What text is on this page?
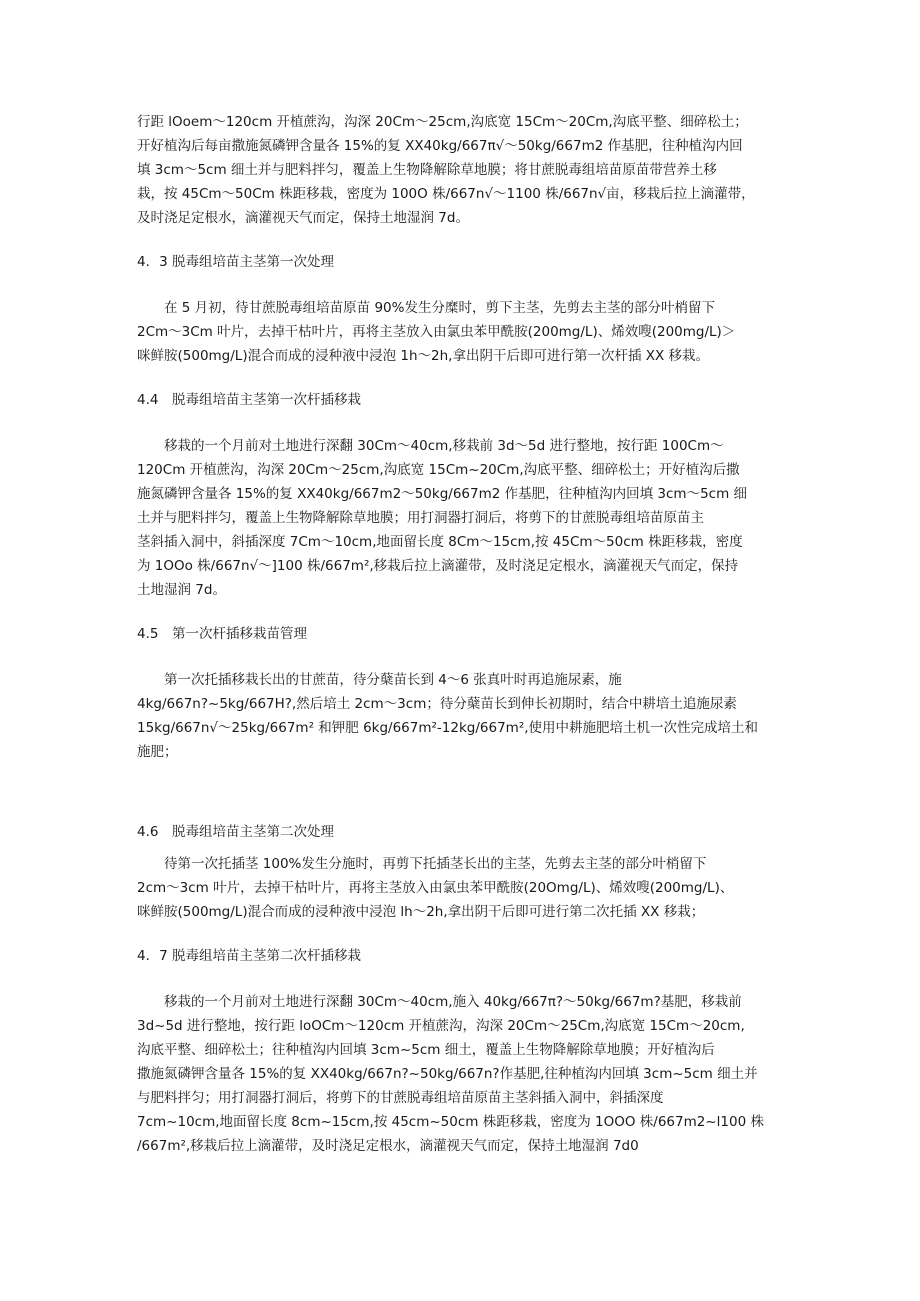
行距 lOoem～120cm 开植蔗沟，沟深 20Cm～25cm,沟底宽 15Cm～20Cm,沟底平整、细碎松土；
开好植沟后每亩撒施氮磷钾含量各 15%的复 XX40kg∕667π√～50kg∕667m2 作基肥，往种植沟内回
填 3cm～5cm 细土并与肥料拌匀，覆盖上生物降解除草地膜；将甘蔗脱毒组培苗原苗带营养土移
栽，按 45Cm～50Cm 株距移栽，密度为 100O 株/667n√～1100 株/667n√亩，移栽后拉上滴灌带，
及时浇足定根水，滴灌视天气而定，保持土地湿润 7d。
4．3 脱毒组培苗主茎第一次处理
在 5 月初，待甘蔗脱毒组培苗原苗 90%发生分糜时，剪下主茎，先剪去主茎的部分叶梢留下
2Cm～3Cm 叶片，去掉干枯叶片，再将主茎放入由氯虫苯甲酰胺(200mg∕L)、烯效嗖(200mg∕L)＞
咪鲜胺(500mg∕L)混合而成的浸种液中浸泡 1h～2h,拿出阴干后即可进行第一次杆插 XX 移栽。
4.4　脱毒组培苗主茎第一次杆插移栽
移栽的一个月前对土地进行深翻 30Cm～40cm,移栽前 3d～5d 进行整地，按行距 100Cm～
120Cm 开植蔗沟，沟深 20Cm～25cm,沟底宽 15Cm~20Cm,沟底平整、细碎松土；开好植沟后撒
施氮磷钾含量各 15%的复 XX40kg∕667m2～50kg∕667m2 作基肥，往种植沟内回填 3cm～5cm 细
土并与肥料拌匀，覆盖上生物降解除草地膜；用打洞器打洞后，将剪下的甘蔗脱毒组培苗原苗主
茎斜插入洞中，斜插深度 7Cm～10cm,地面留长度 8Cm～15cm,按 45Cm～50cm 株距移栽，密度
为 1OOo 株/667n√～]100 株/667m²,移栽后拉上滴灌带，及时浇足定根水，滴灌视天气而定，保持
土地湿润 7d。
4.5　第一次杆插移栽苗管理
第一次托插移栽长出的甘蔗苗，待分蘖苗长到 4～6 张真叶时再追施尿素，施
4kg∕667n?~5kg/667H?,然后培土 2cm～3cm；待分蘖苗长到伸长初期时，结合中耕培土追施尿素
15kg/667n√～25kg/667m² 和钾肥 6kg/667m²-12kg/667m²,使用中耕施肥培土机一次性完成培土和
施肥；
4.6　脱毒组培苗主茎第二次处理
待第一次托插茎 100%发生分施时，再剪下托插茎长出的主茎，先剪去主茎的部分叶梢留下
2cm～3cm 叶片，去掉干枯叶片，再将主茎放入由氯虫苯甲酰胺(20Omg/L)、烯效嗖(200mg∕L)、
咪鲜胺(500mg∕L)混合而成的浸种液中浸泡 lh～2h,拿出阴干后即可进行第二次托插 XX 移栽；
4．7 脱毒组培苗主茎第二次杆插移栽
移栽的一个月前对土地进行深翻 30Cm～40cm,施入 40kg/667π?～50kg/667m?基肥，移栽前
3d~5d 进行整地，按行距 loOCm～120cm 开植蔗沟，沟深 20Cm～25Cm,沟底宽 15Cm～20cm,
沟底平整、细碎松土；往种植沟内回填 3cm~5cm 细土，覆盖上生物降解除草地膜；开好植沟后
撒施氮磷钾含量各 15%的复 XX40kg/667n?~50kg/667n?作基肥,往种植沟内回填 3cm~5cm 细土并
与肥料拌匀；用打洞器打洞后，将剪下的甘蔗脱毒组培苗原苗主茎斜插入洞中，斜插深度
7cm~10cm,地面留长度 8cm~15cm,按 45cm~50cm 株距移栽，密度为 1OOO 株/667m2~l100 株
/667m²,移栽后拉上滴灌带，及时浇足定根水，滴灌视天气而定，保持土地湿润 7d0
